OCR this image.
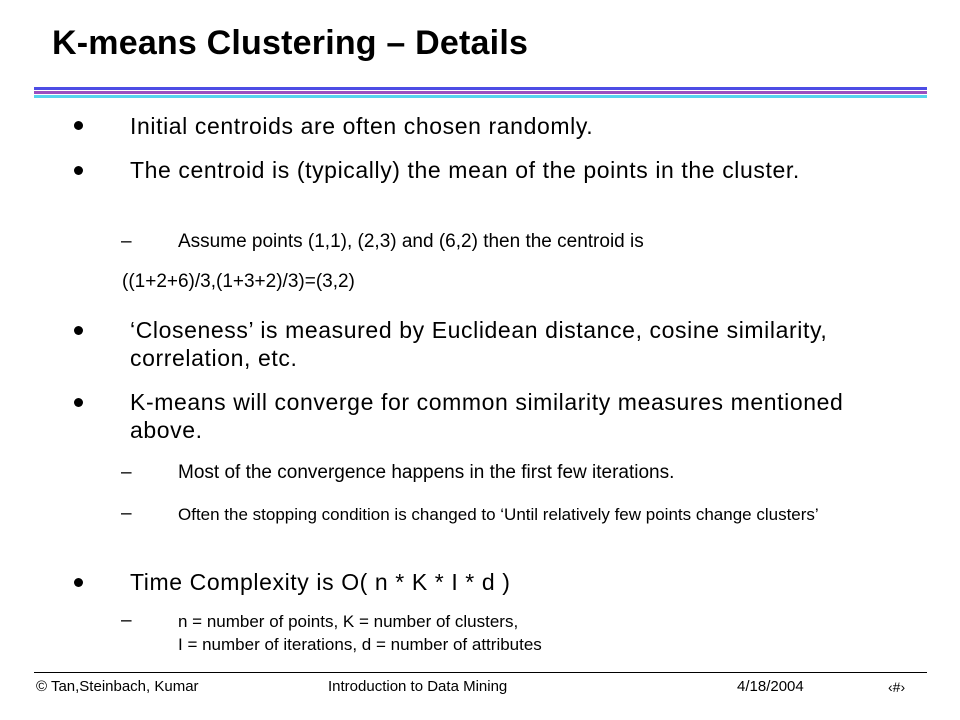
K-means Clustering – Details
Initial centroids are often chosen randomly.
The centroid is (typically) the mean of the points in the cluster.
– Assume points (1,1), (2,3) and (6,2) then the centroid is
((1+2+6)/3,(1+3+2)/3)=(3,2)
‘Closeness’ is measured by Euclidean distance, cosine similarity, correlation, etc.
K-means will converge for common similarity measures mentioned above.
– Most of the convergence happens in the first few iterations.
–	Often the stopping condition is changed to ‘Until relatively few points change clusters’
Time Complexity is O( n * K * I * d )
–	n = number of points, K = number of clusters,
I = number of iterations, d = number of attributes
© Tan,Steinbach, Kumar	Introduction to Data Mining	4/18/2004	‹#›
